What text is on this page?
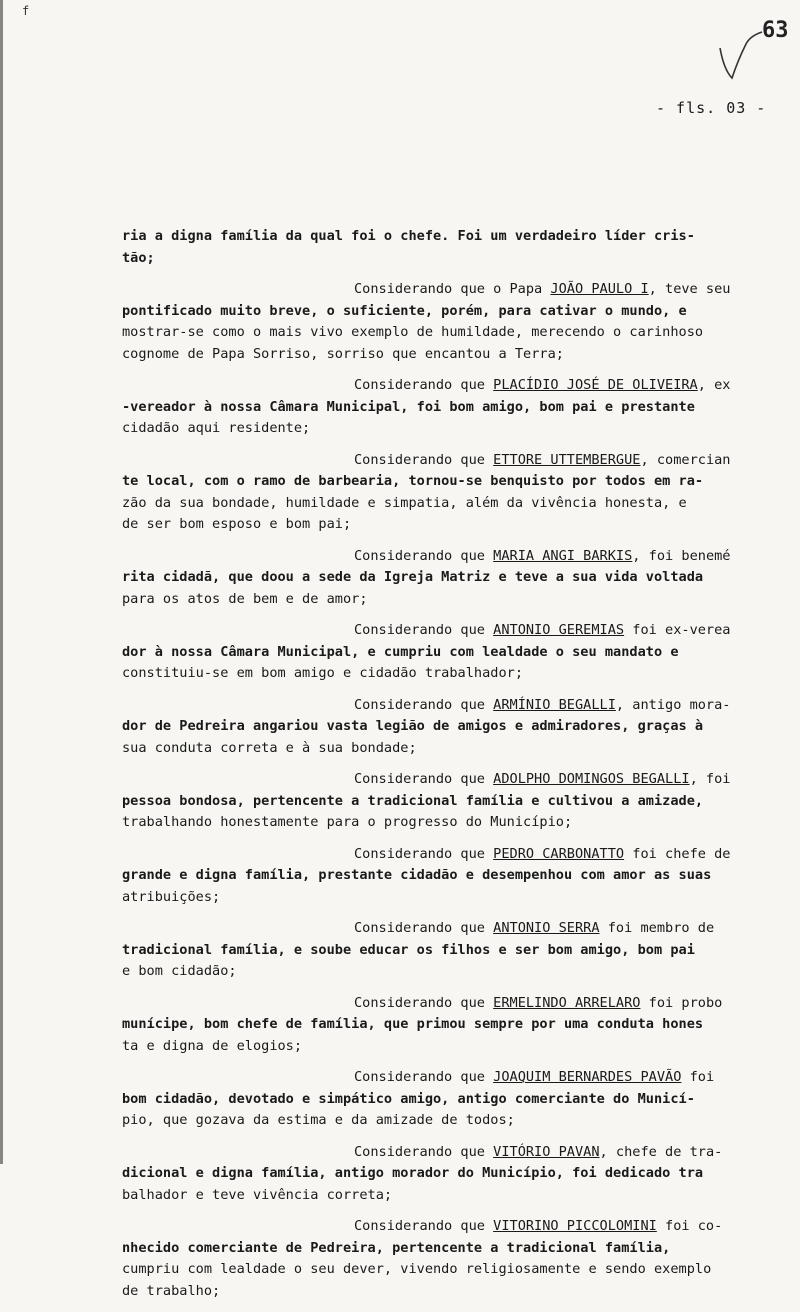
f
63
- fls. 03 -
ria a digna família da qual foi o chefe. Foi um verdadeiro líder cris-
tão;
Considerando que o Papa JOÃO PAULO I, teve seu
pontificado muito breve, o suficiente, porém, para cativar o mundo, e
mostrar-se como o mais vivo exemplo de humildade, merecendo o carinhoso
cognome de Papa Sorriso, sorriso que encantou a Terra;
Considerando que PLACÍDIO JOSÉ DE OLIVEIRA, ex
-vereador à nossa Câmara Municipal, foi bom amigo, bom pai e prestante
cidadão aqui residente;
Considerando que ETTORE UTTEMBERGUE, comercian
te local, com o ramo de barbearia, tornou-se benquisto por todos em ra-
zão da sua bondade, humildade e simpatia, além da vivência honesta, e
de ser bom esposo e bom pai;
Considerando que MARIA ANGI BARKIS, foi benemé
rita cidadã, que doou a sede da Igreja Matriz e teve a sua vida voltada
para os atos de bem e de amor;
Considerando que ANTONIO GEREMIAS foi ex-verea
dor à nossa Câmara Municipal, e cumpriu com lealdade o seu mandato e
constituiu-se em bom amigo e cidadão trabalhador;
Considerando que ARMÍNIO BEGALLI, antigo mora-
dor de Pedreira angariou vasta legião de amigos e admiradores, graças à
sua conduta correta e à sua bondade;
Considerando que ADOLPHO DOMINGOS BEGALLI, foi
pessoa bondosa, pertencente a tradicional família e cultivou a amizade,
trabalhando honestamente para o progresso do Município;
Considerando que PEDRO CARBONATTO foi chefe de
grande e digna família, prestante cidadão e desempenhou com amor as suas
atribuições;
Considerando que ANTONIO SERRA foi membro de
tradicional família, e soube educar os filhos e ser bom amigo, bom pai
e bom cidadão;
Considerando que ERMELINDO ARRELARO foi probo
munícipe, bom chefe de família, que primou sempre por uma conduta hones
ta e digna de elogios;
Considerando que JOAQUIM BERNARDES PAVÃO foi
bom cidadão, devotado e simpático amigo, antigo comerciante do Municí-
pio, que gozava da estima e da amizade de todos;
Considerando que VITÓRIO PAVAN, chefe de tra-
dicional e digna família, antigo morador do Município, foi dedicado tra
balhador e teve vivência correta;
Considerando que VITORINO PICCOLOMINI foi co-
nhecido comerciante de Pedreira, pertencente a tradicional família,
cumpriu com lealdade o seu dever, vivendo religiosamente e sendo exemplo
de trabalho;
